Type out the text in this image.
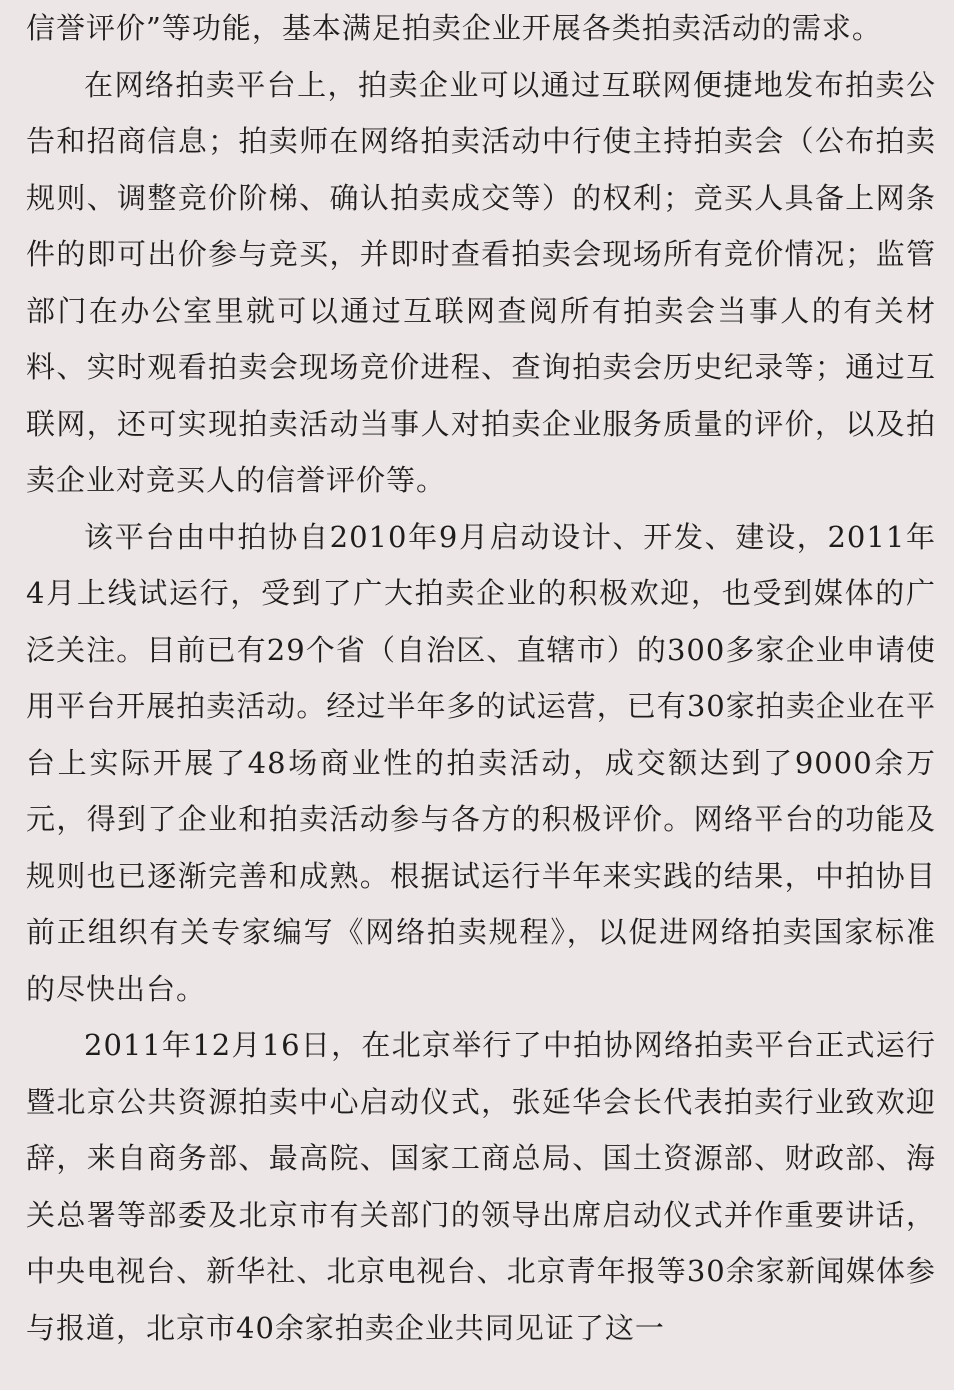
信誉评价”等功能，基本满足拍卖企业开展各类拍卖活动的需求。

在网络拍卖平台上，拍卖企业可以通过互联网便捷地发布拍卖公告和招商信息；拍卖师在网络拍卖活动中行使主持拍卖会（公布拍卖规则、调整竞价阶梯、确认拍卖成交等）的权利；竞买人具备上网条件的即可出价参与竞买，并即时查看拍卖会现场所有竞价情况；监管部门在办公室里就可以通过互联网查阅所有拍卖会当事人的有关材料、实时观看拍卖会现场竞价进程、查询拍卖会历史纪录等；通过互联网，还可实现拍卖活动当事人对拍卖企业服务质量的评价，以及拍卖企业对竞买人的信誉评价等。

该平台由中拍协自2010年9月启动设计、开发、建设，2011年4月上线试运行，受到了广大拍卖企业的积极欢迎，也受到媒体的广泛关注。目前已有29个省（自治区、直辖市）的300多家企业申请使用平台开展拍卖活动。经过半年多的试运营，已有30家拍卖企业在平台上实际开展了48场商业性的拍卖活动，成交额达到了9000余万元，得到了企业和拍卖活动参与各方的积极评价。网络平台的功能及规则也已逐渐完善和成熟。根据试运行半年来实践的结果，中拍协目前正组织有关专家编写《网络拍卖规程》，以促进网络拍卖国家标准的尽快出台。

2011年12月16日，在北京举行了中拍协网络拍卖平台正式运行暨北京公共资源拍卖中心启动仪式，张延华会长代表拍卖行业致欢迎辞，来自商务部、最高院、国家工商总局、国土资源部、财政部、海关总署等部委及北京市有关部门的领导出席启动仪式并作重要讲话，中央电视台、新华社、北京电视台、北京青年报等30余家新闻媒体参与报道，北京市40余家拍卖企业共同见证了这一
